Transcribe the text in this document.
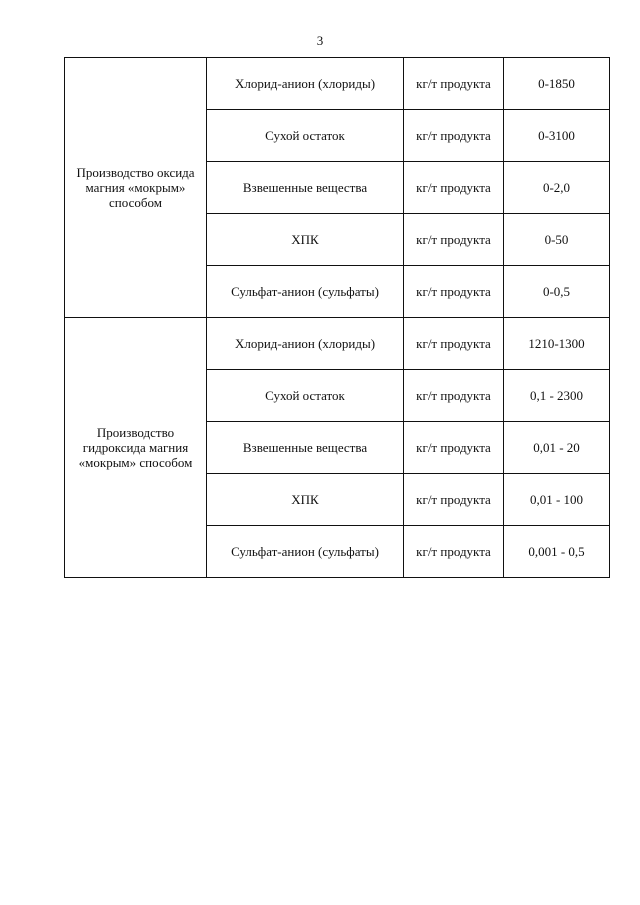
3
Производство оксида магния «мокрым» способом	Хлорид-анион (хлориды)	кг/т продукта	0-1850
	Сухой остаток	кг/т продукта	0-3100
	Взвешенные вещества	кг/т продукта	0-2,0
	ХПК	кг/т продукта	0-50
	Сульфат-анион (сульфаты)	кг/т продукта	0-0,5
Производство гидроксида магния «мокрым» способом	Хлорид-анион (хлориды)	кг/т продукта	1210-1300
	Сухой остаток	кг/т продукта	0,1 - 2300
	Взвешенные вещества	кг/т продукта	0,01 - 20
	ХПК	кг/т продукта	0,01 - 100
	Сульфат-анион (сульфаты)	кг/т продукта	0,001 - 0,5
